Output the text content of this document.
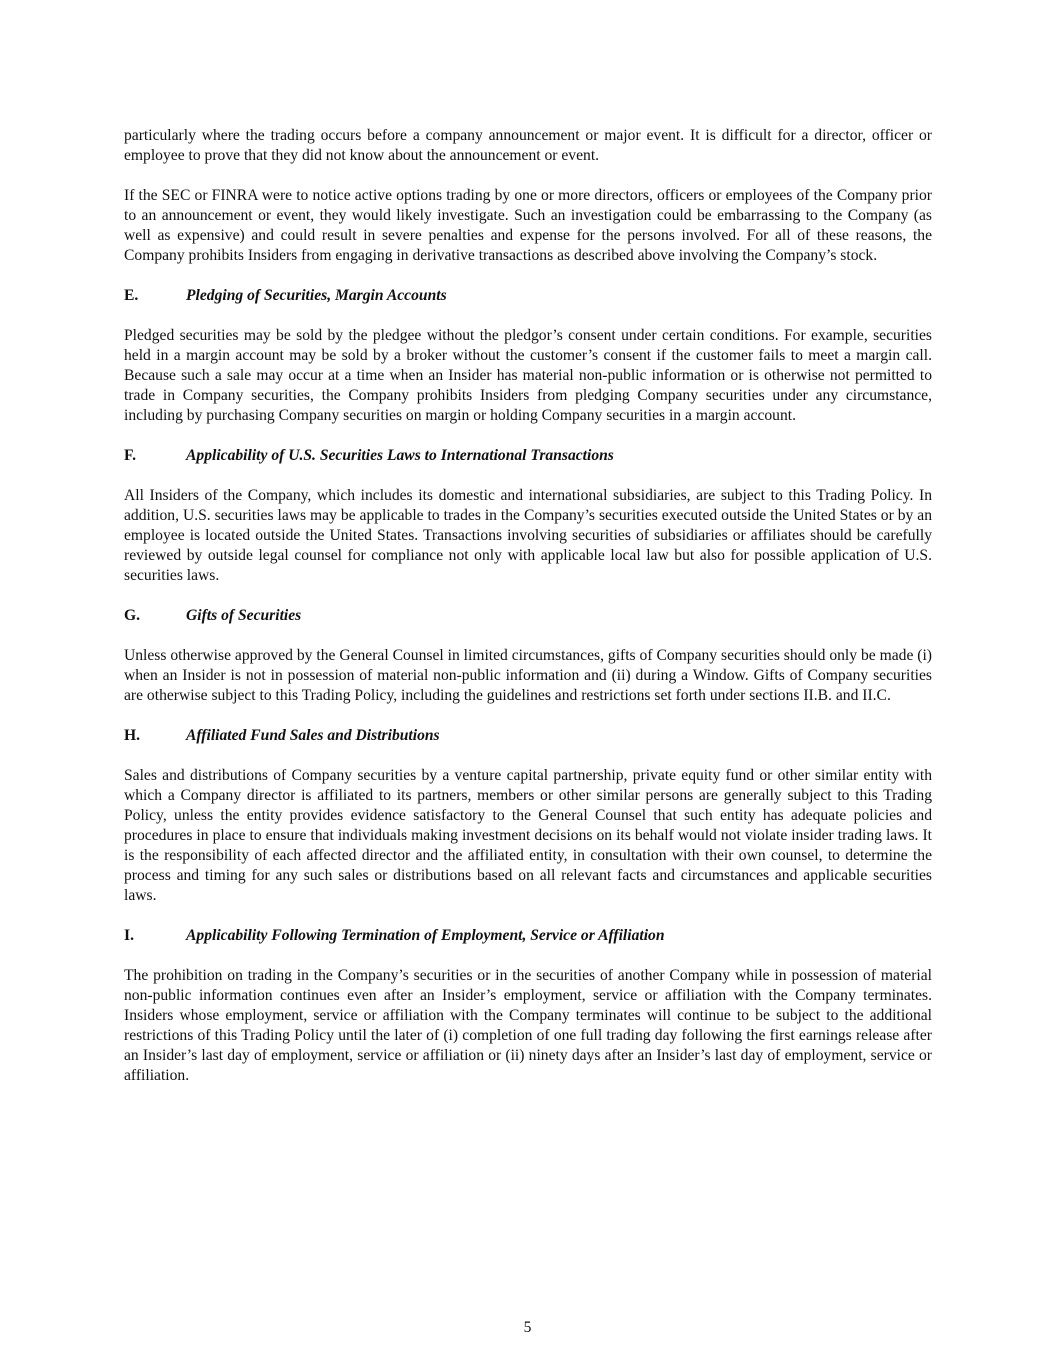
particularly where the trading occurs before a company announcement or major event. It is difficult for a director, officer or employee to prove that they did not know about the announcement or event.

If the SEC or FINRA were to notice active options trading by one or more directors, officers or employees of the Company prior to an announcement or event, they would likely investigate. Such an investigation could be embarrassing to the Company (as well as expensive) and could result in severe penalties and expense for the persons involved. For all of these reasons, the Company prohibits Insiders from engaging in derivative transactions as described above involving the Company’s stock.

E.	Pledging of Securities, Margin Accounts

Pledged securities may be sold by the pledgee without the pledgor’s consent under certain conditions. For example, securities held in a margin account may be sold by a broker without the customer’s consent if the customer fails to meet a margin call. Because such a sale may occur at a time when an Insider has material non-public information or is otherwise not permitted to trade in Company securities, the Company prohibits Insiders from pledging Company securities under any circumstance, including by purchasing Company securities on margin or holding Company securities in a margin account.

F.	Applicability of U.S. Securities Laws to International Transactions

All Insiders of the Company, which includes its domestic and international subsidiaries, are subject to this Trading Policy. In addition, U.S. securities laws may be applicable to trades in the Company’s securities executed outside the United States or by an employee is located outside the United States. Transactions involving securities of subsidiaries or affiliates should be carefully reviewed by outside legal counsel for compliance not only with applicable local law but also for possible application of U.S. securities laws.

G.	Gifts of Securities

Unless otherwise approved by the General Counsel in limited circumstances, gifts of Company securities should only be made (i) when an Insider is not in possession of material non-public information and (ii) during a Window. Gifts of Company securities are otherwise subject to this Trading Policy, including the guidelines and restrictions set forth under sections II.B. and II.C.

H.	Affiliated Fund Sales and Distributions

Sales and distributions of Company securities by a venture capital partnership, private equity fund or other similar entity with which a Company director is affiliated to its partners, members or other similar persons are generally subject to this Trading Policy, unless the entity provides evidence satisfactory to the General Counsel that such entity has adequate policies and procedures in place to ensure that individuals making investment decisions on its behalf would not violate insider trading laws. It is the responsibility of each affected director and the affiliated entity, in consultation with their own counsel, to determine the process and timing for any such sales or distributions based on all relevant facts and circumstances and applicable securities laws.

I.	Applicability Following Termination of Employment, Service or Affiliation

The prohibition on trading in the Company’s securities or in the securities of another Company while in possession of material non-public information continues even after an Insider’s employment, service or affiliation with the Company terminates. Insiders whose employment, service or affiliation with the Company terminates will continue to be subject to the additional restrictions of this Trading Policy until the later of (i) completion of one full trading day following the first earnings release after an Insider’s last day of employment, service or affiliation or (ii) ninety days after an Insider’s last day of employment, service or affiliation.

5
